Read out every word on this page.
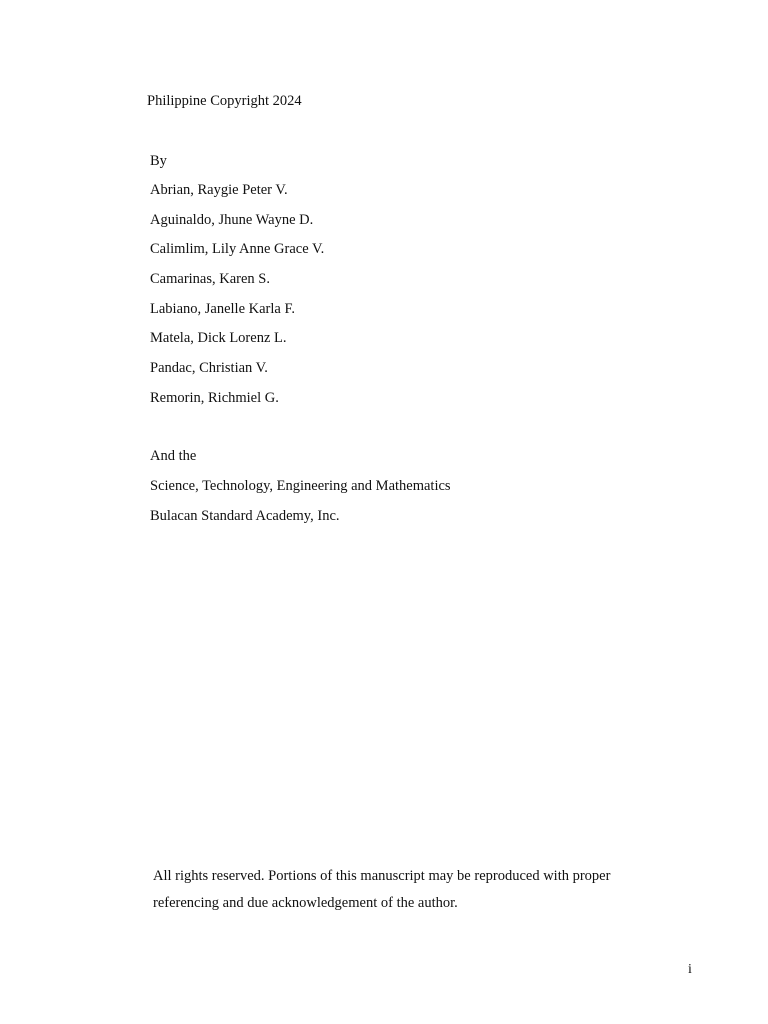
Philippine Copyright 2024

By
Abrian, Raygie Peter V.
Aguinaldo, Jhune Wayne D.
Calimlim, Lily Anne Grace V.
Camarinas, Karen S.
Labiano, Janelle Karla F.
Matela, Dick Lorenz L.
Pandac, Christian V.
Remorin, Richmiel G.
And the
Science, Technology, Engineering and Mathematics
Bulacan Standard Academy, Inc.

All rights reserved. Portions of this manuscript may be reproduced with proper
referencing and due acknowledgement of the author.

i
